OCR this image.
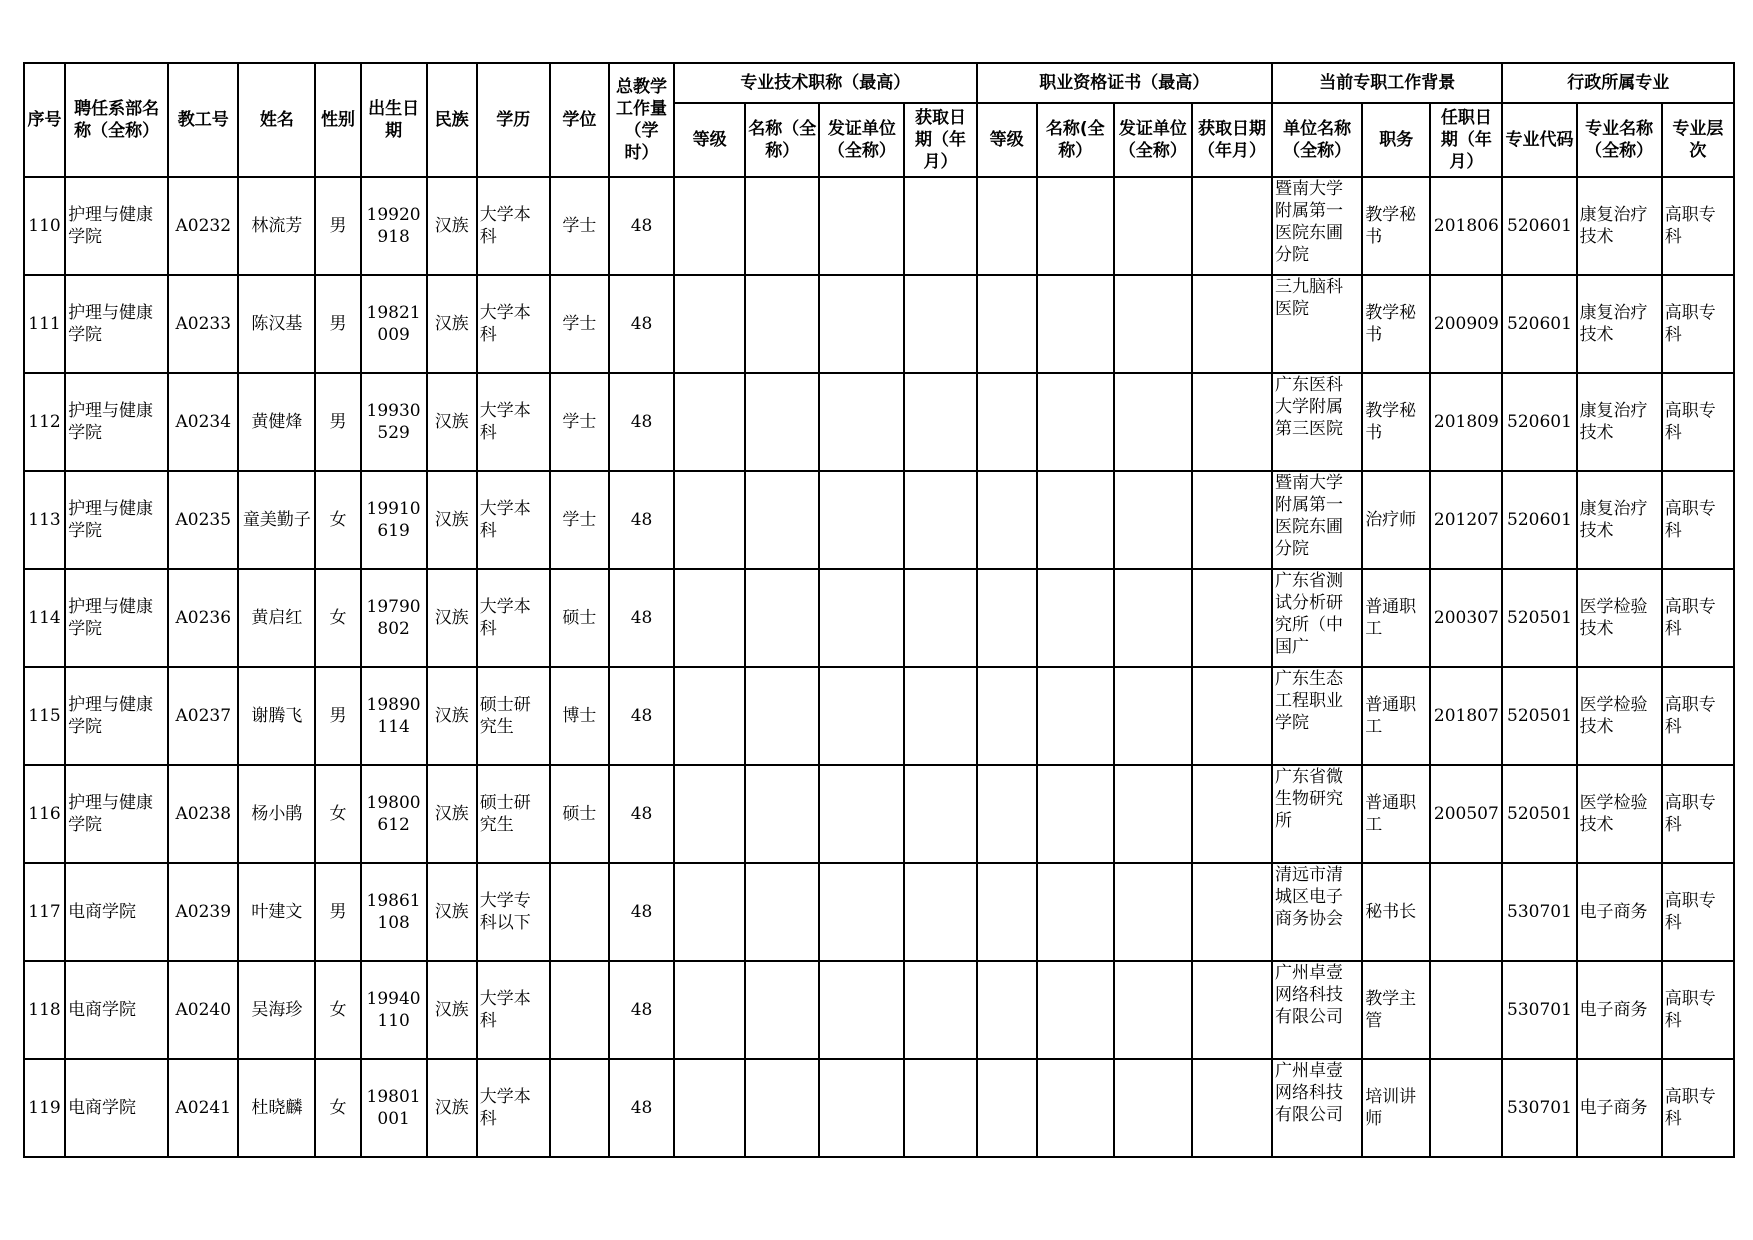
序号	聘任系部名称（全称）	教工号	姓名	性别	出生日期	民族	学历	学位	总教学工作量（学时）	专业技术职称（最高）				职业资格证书（最高）				当前专职工作背景			行政所属专业		
										等级	名称（全称）	发证单位（全称）	获取日期（年月）	等级	名称(全称）	发证单位（全称）	获取日期（年月）	单位名称（全称）	职务	任职日期（年月）	专业代码	专业名称（全称）	专业层次
110	护理与健康学院	A0232	林流芳	男	19920918	汉族	大学本科	学士	48									暨南大学附属第一医院东圃分院	教学秘书	201806	520601	康复治疗技术	高职专科
111	护理与健康学院	A0233	陈汉基	男	19821009	汉族	大学本科	学士	48									三九脑科医院	教学秘书	200909	520601	康复治疗技术	高职专科
112	护理与健康学院	A0234	黄健烽	男	19930529	汉族	大学本科	学士	48									广东医科大学附属第三医院	教学秘书	201809	520601	康复治疗技术	高职专科
113	护理与健康学院	A0235	童美勤子	女	19910619	汉族	大学本科	学士	48									暨南大学附属第一医院东圃分院	治疗师	201207	520601	康复治疗技术	高职专科
114	护理与健康学院	A0236	黄启红	女	19790802	汉族	大学本科	硕士	48									广东省测试分析研究所（中国广	普通职工	200307	520501	医学检验技术	高职专科
115	护理与健康学院	A0237	谢腾飞	男	19890114	汉族	硕士研究生	博士	48									广东生态工程职业学院	普通职工	201807	520501	医学检验技术	高职专科
116	护理与健康学院	A0238	杨小鹃	女	19800612	汉族	硕士研究生	硕士	48									广东省微生物研究所	普通职工	200507	520501	医学检验技术	高职专科
117	电商学院	A0239	叶建文	男	19861108	汉族	大学专科以下		48									清远市清城区电子商务协会	秘书长		530701	电子商务	高职专科
118	电商学院	A0240	吴海珍	女	19940110	汉族	大学本科		48									广州卓壹网络科技有限公司	教学主管		530701	电子商务	高职专科
119	电商学院	A0241	杜晓麟	女	19801001	汉族	大学本科		48									广州卓壹网络科技有限公司	培训讲师		530701	电子商务	高职专科
